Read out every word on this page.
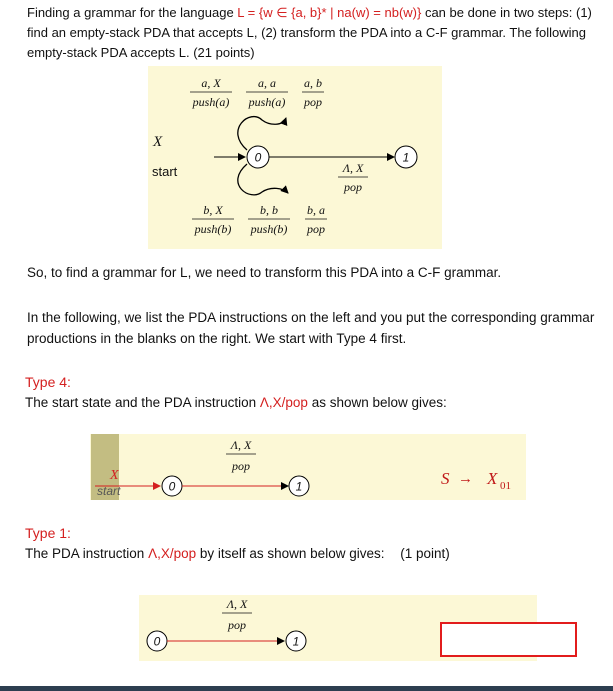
Finding a grammar for the language L = {w ∈ {a, b}* | na(w) = nb(w)} can be done in two steps: (1) find an empty-stack PDA that accepts L, (2) transform the PDA into a C-F grammar. The following empty-stack PDA accepts L. (21 points)
a, X
push(a)
a, a
push(a)
a, b
pop
b, X
push(b)
b, b
push(b)
b, a
pop
X
start
0
Λ, X
pop
1
So, to find a grammar for L, we need to transform this PDA into a C-F grammar.
In the following, we list the PDA instructions on the left and you put the corresponding grammar productions in the blanks on the right. We start with Type 4 first.
Type 4:
The start state and the PDA instruction Λ,X/pop as shown below gives:
X
start	0
Λ, X
pop
1	S → X 01
Type 1:
The PDA instruction Λ,X/pop by itself as shown below gives: (1 point)
0
Λ, X
pop
1
